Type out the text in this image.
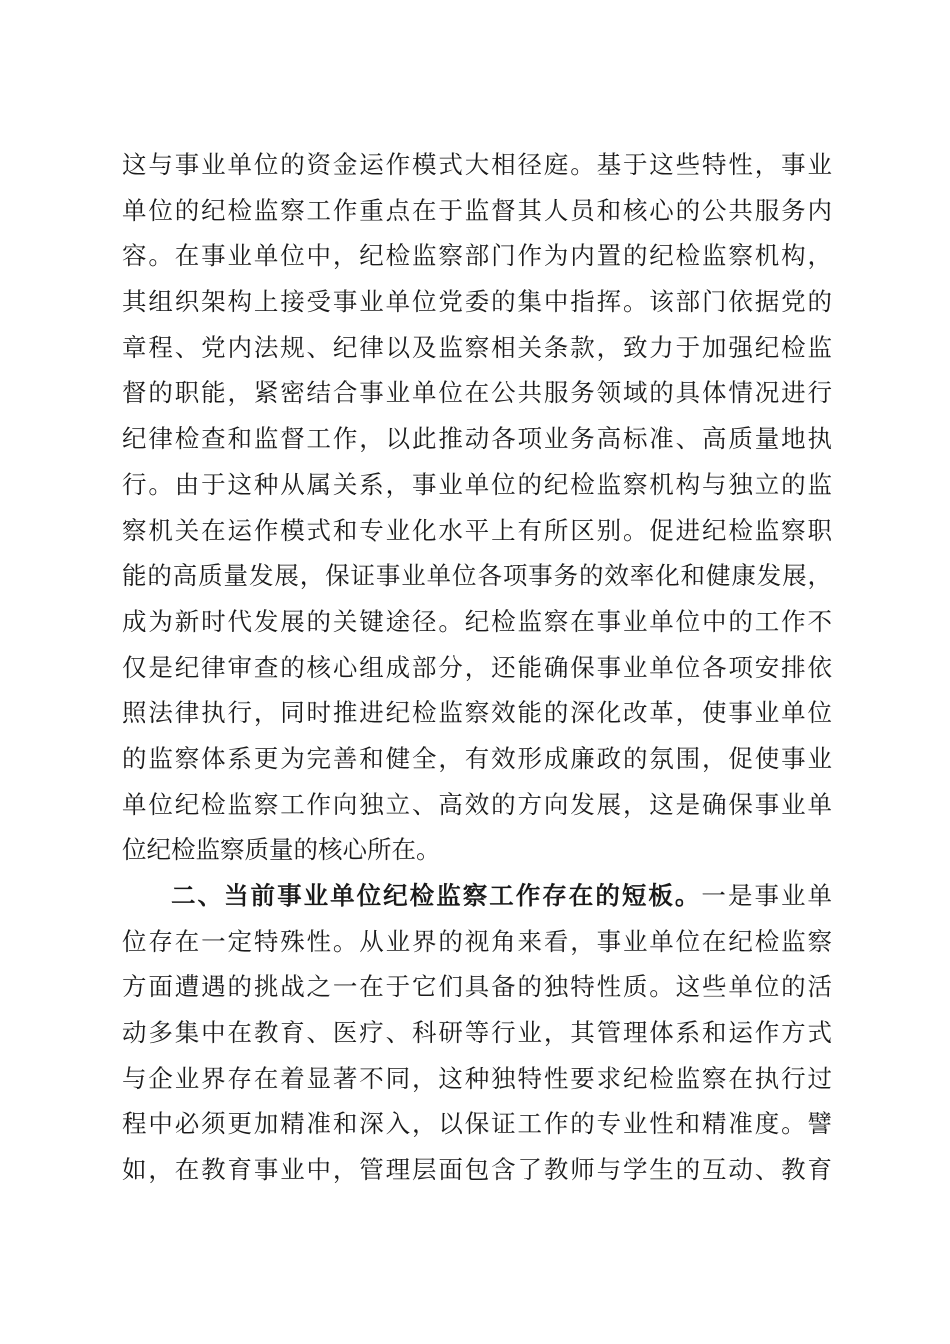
这与事业单位的资金运作模式大相径庭。基于这些特性，事业
单位的纪检监察工作重点在于监督其人员和核心的公共服务内
容。在事业单位中，纪检监察部门作为内置的纪检监察机构，
其组织架构上接受事业单位党委的集中指挥。该部门依据党的
章程、党内法规、纪律以及监察相关条款，致力于加强纪检监
督的职能，紧密结合事业单位在公共服务领域的具体情况进行
纪律检查和监督工作，以此推动各项业务高标准、高质量地执
行。由于这种从属关系，事业单位的纪检监察机构与独立的监
察机关在运作模式和专业化水平上有所区别。促进纪检监察职
能的高质量发展，保证事业单位各项事务的效率化和健康发展，
成为新时代发展的关键途径。纪检监察在事业单位中的工作不
仅是纪律审查的核心组成部分，还能确保事业单位各项安排依
照法律执行，同时推进纪检监察效能的深化改革，使事业单位
的监察体系更为完善和健全，有效形成廉政的氛围，促使事业
单位纪检监察工作向独立、高效的方向发展，这是确保事业单
位纪检监察质量的核心所在。
二、当前事业单位纪检监察工作存在的短板。一是事业单
位存在一定特殊性。从业界的视角来看，事业单位在纪检监察
方面遭遇的挑战之一在于它们具备的独特性质。这些单位的活
动多集中在教育、医疗、科研等行业，其管理体系和运作方式
与企业界存在着显著不同，这种独特性要求纪检监察在执行过
程中必须更加精准和深入，以保证工作的专业性和精准度。譬
如，在教育事业中，管理层面包含了教师与学生的互动、教育
